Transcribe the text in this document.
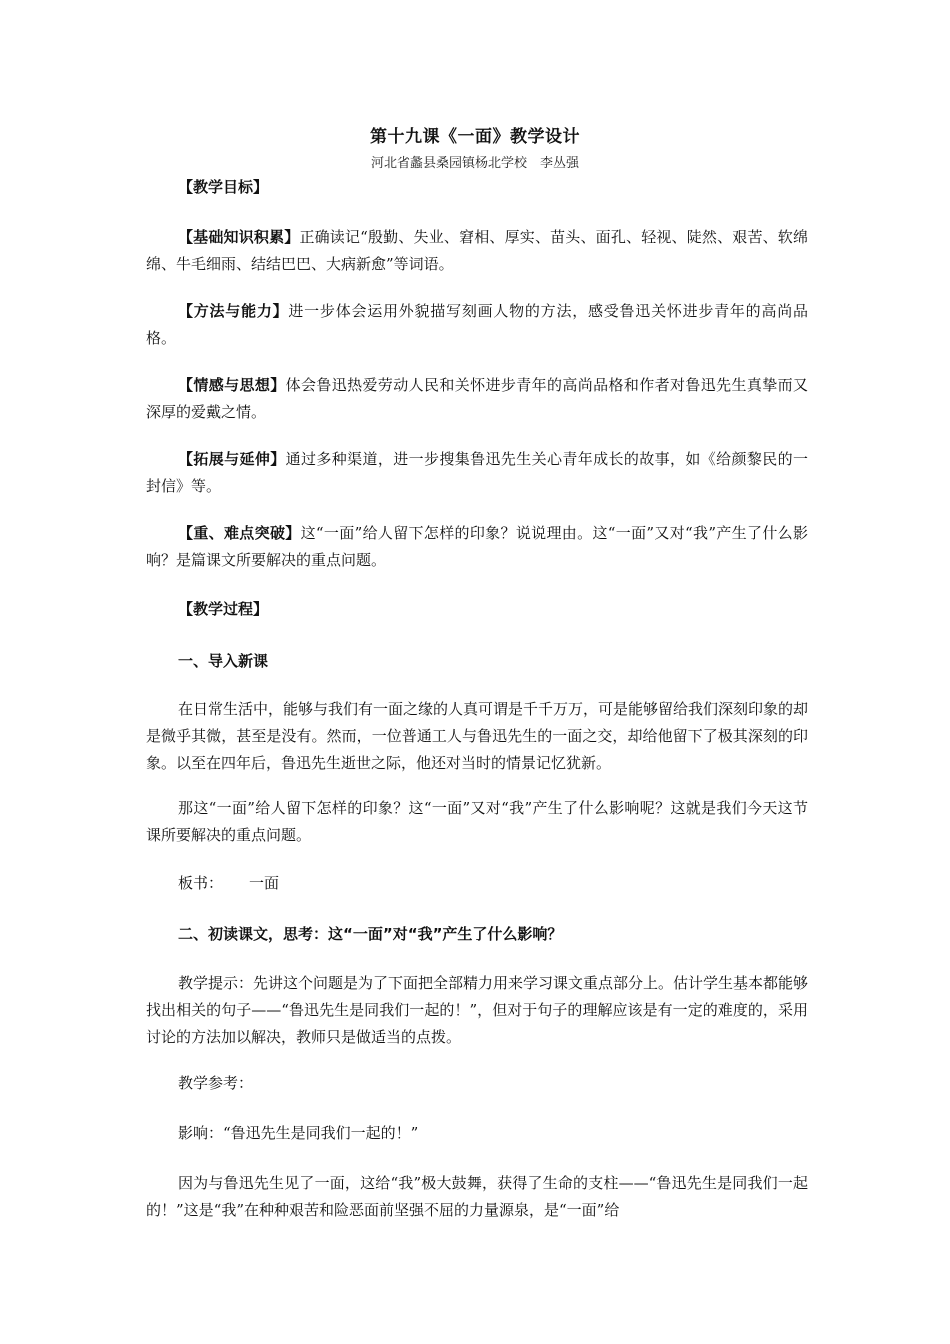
第十九课《一面》教学设计
河北省蠡县桑园镇杨北学校　李丛强
【教学目标】
【基础知识积累】正确读记“殷勤、失业、窘相、厚实、苗头、面孔、轻视、陡然、艰苦、软绵绵、牛毛细雨、结结巴巴、大病新愈”等词语。
【方法与能力】进一步体会运用外貌描写刻画人物的方法，感受鲁迅关怀进步青年的高尚品格。
【情感与思想】体会鲁迅热爱劳动人民和关怀进步青年的高尚品格和作者对鲁迅先生真挚而又深厚的爱戴之情。
【拓展与延伸】通过多种渠道，进一步搜集鲁迅先生关心青年成长的故事，如《给颜黎民的一封信》等。
【重、难点突破】这“一面”给人留下怎样的印象？说说理由。这“一面”又对“我”产生了什么影响？是篇课文所要解决的重点问题。
【教学过程】
一、导入新课
在日常生活中，能够与我们有一面之缘的人真可谓是千千万万，可是能够留给我们深刻印象的却是微乎其微，甚至是没有。然而，一位普通工人与鲁迅先生的一面之交，却给他留下了极其深刻的印象。以至在四年后，鲁迅先生逝世之际，他还对当时的情景记忆犹新。
那这“一面”给人留下怎样的印象？这“一面”又对“我”产生了什么影响呢？这就是我们今天这节课所要解决的重点问题。
板书： 一面
二、初读课文，思考：这“一面”对“我”产生了什么影响？
教学提示：先讲这个问题是为了下面把全部精力用来学习课文重点部分上。估计学生基本都能够找出相关的句子——“鲁迅先生是同我们一起的！”，但对于句子的理解应该是有一定的难度的，采用讨论的方法加以解决，教师只是做适当的点拨。
教学参考：
影响：“鲁迅先生是同我们一起的！”
因为与鲁迅先生见了一面，这给“我”极大鼓舞，获得了生命的支柱——“鲁迅先生是同我们一起的！”这是“我”在种种艰苦和险恶面前坚强不屈的力量源泉，是“一面”给
